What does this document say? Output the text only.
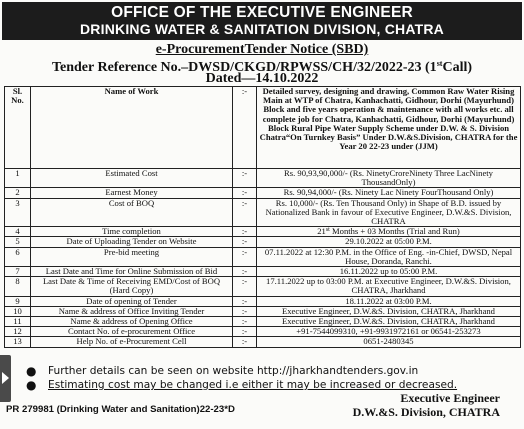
OFFICE OF THE EXECUTIVE ENGINEER
DRINKING WATER & SANITATION DIVISION, CHATRA
e-ProcurementTender Notice (SBD)
Tender Reference No.–DWSD/CKGD/RPWSS/CH/32/2022-23 (1stCall)
Dated—14.10.2022
Sl. No.	Name of Work	:-	Detailed survey, designing and drawing, Common Raw Water Rising Main at WTP of Chatra, Kanhachatti, Gidhour, Dorhi (Mayurhund) Block and five years operation & maintenance with all works etc. all complete job for Chatra, Kanhachatti, Gidhour, Dorhi (Mayurhund) Block Rural Pipe Water Supply Scheme under D.W. & S. Division Chatra“On Turnkey Basis” Under D.W.&S.Division, CHATRA for the Year 20 22-23 under (JJM)
1	Estimated Cost	:-	Rs. 90,93,90,000/- (Rs. NinetyCroreNinety Three LacNinety ThousandOnly)
2	Earnest Money	:-	Rs. 90,94,000/- (Rs. Ninety Lac Ninety FourThousand Only)
3	Cost of BOQ	:-	Rs. 10,000/- (Rs. Ten Thousand Only) in Shape of B.D. issued by Nationalized Bank in favour of Executive Engineer, D.W.&S. Division, CHATRA
4	Time completion	:-	21st Months + 03 Months (Trial and Run)
5	Date of Uploading Tender on Website	:-	29.10.2022 at 05:00 P.M.
6	Pre-bid meeting	:-	07.11.2022 at 12:30 P.M. in the Office of Eng. -in-Chief, DWSD, Nepal House, Doranda, Ranchi.
7	Last Date and Time for Online Submission of Bid	:-	16.11.2022 up to 05:00 P.M.
8	Last Date & Time of Receiving EMD/Cost of BOQ (Hard Copy)	:-	17.11.2022 up to 03:00 P.M. at Executive Engineer, D.W.&S. Division, CHATRA, Jharkhand
9	Date of opening of Tender	:-	18.11.2022 at 03:00 P.M.
10	Name & address of Office Inviting Tender	:-	Executive Engineer, D.W.&S. Division, CHATRA, Jharkhand
11	Name & address of Opening Office	:-	Executive Engineer, D.W.&S. Division, CHATRA, Jharkhand
12	Contact No. of e-procurement Office	:-	+91-7544099310, +91-9931972161 or 06541-253273
13	Help No. of e-Procurement Cell	:-	0651-2480345
● Further details can be seen on website http://jharkhandtenders.gov.in
● Estimating cost may be changed i.e either it may be increased or decreased.
PR 279981 (Drinking Water and Sanitation)22-23*D
Executive Engineer
D.W.&S. Division, CHATRA
